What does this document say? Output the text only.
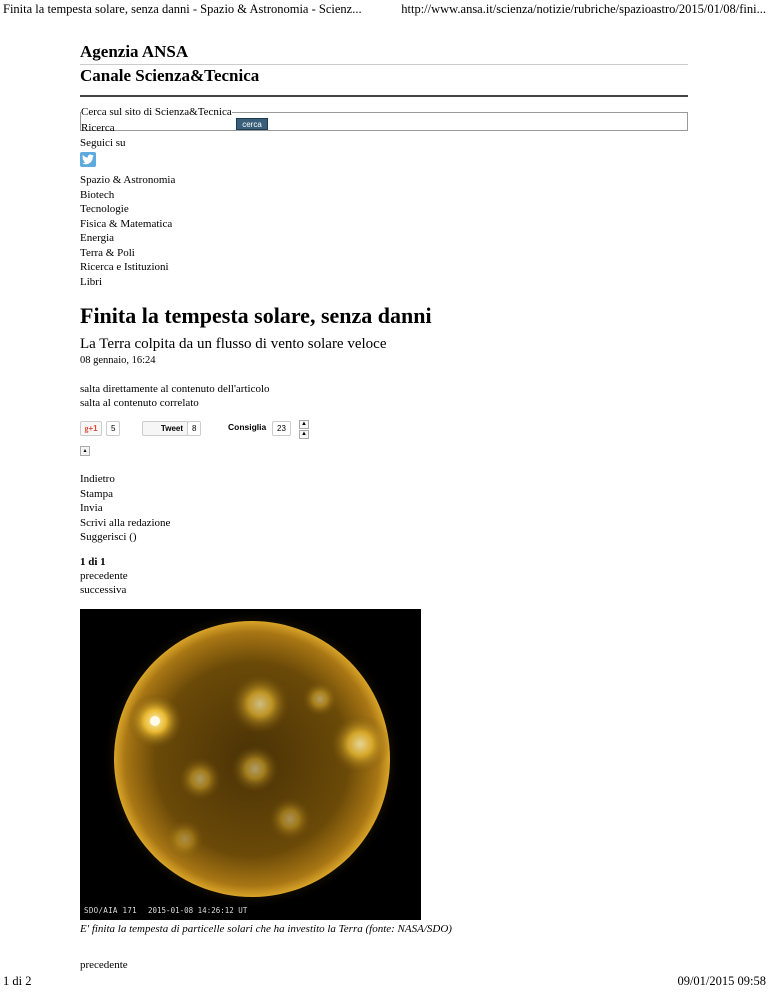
Finita la tempesta solare, senza danni - Spazio & Astronomia - Scienz...	http://www.ansa.it/scienza/notizie/rubriche/spazioastro/2015/01/08/fini...
Agenzia ANSA
Canale Scienza&Tecnica
Cerca sul sito di Scienza&Tecnica
Ricerca
cerca
Seguici su
Spazio & Astronomia
Biotech
Tecnologie
Fisica & Matematica
Energia
Terra & Poli
Ricerca e Istituzioni
Libri
Finita la tempesta solare, senza danni
La Terra colpita da un flusso di vento solare veloce
08 gennaio, 16:24
salta direttamente al contenuto dell'articolo
salta al contenuto correlato
g+1	5	Tweet	8	Consiglia	23	▲
▲
▴
Indietro
Stampa
Invia
Scrivi alla redazione
Suggerisci ()
1 di 1
precedente
successiva
SDO/AIA 171 2015-01-08 14:26:12 UT
E' finita la tempesta di particelle solari che ha investito la Terra (fonte: NASA/SDO)
precedente
1 di 2	09/01/2015 09:58
